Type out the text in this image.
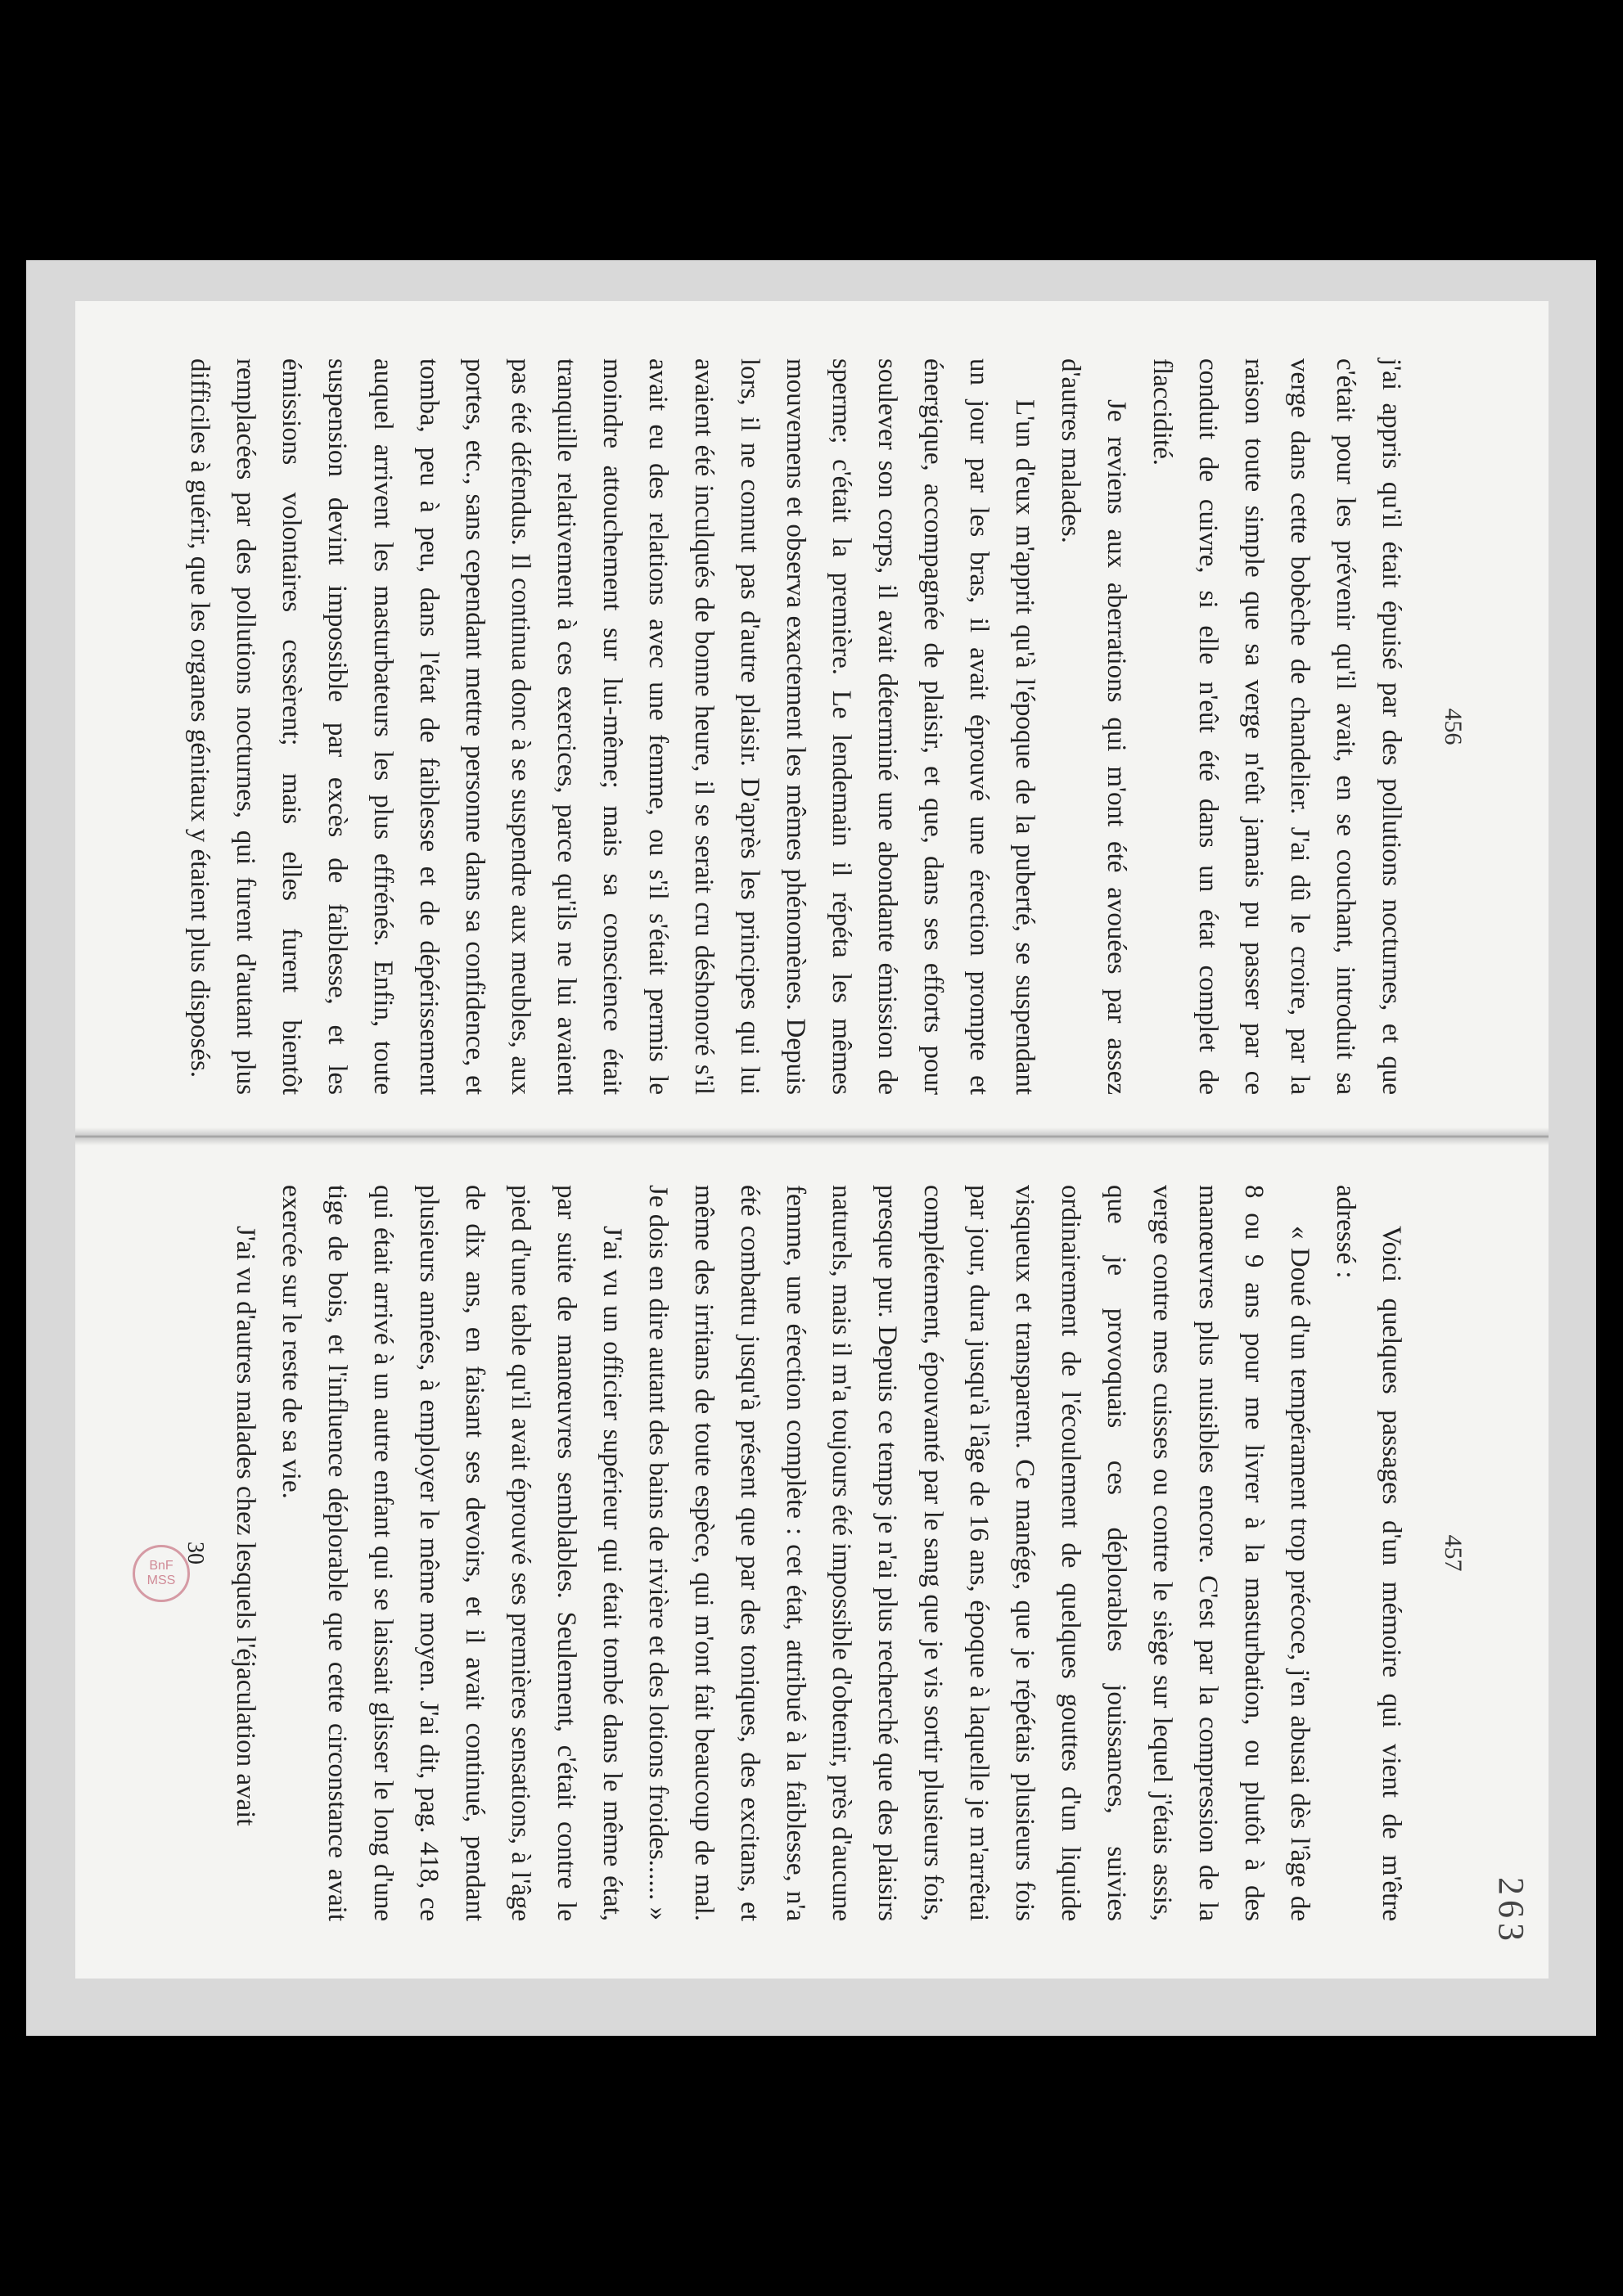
263
456

j'ai appris qu'il était épuisé par des pollutions nocturnes, et que c'était pour les prévenir qu'il avait, en se couchant, introduit sa verge dans cette bobèche de chandelier. J'ai dû le croire, par la raison toute simple que sa verge n'eût jamais pu passer par ce conduit de cuivre, si elle n'eût été dans un état complet de flaccidité.

Je reviens aux aberrations qui m'ont été avouées par assez d'autres malades.

L'un d'eux m'apprit qu'à l'époque de la puberté, se suspendant un jour par les bras, il avait éprouvé une érection prompte et énergique, accompagnée de plaisir, et que, dans ses efforts pour soulever son corps, il avait déterminé une abondante émission de sperme; c'était la première. Le lendemain il répéta les mêmes mouvemens et observa exactement les mêmes phénomènes. Depuis lors, il ne connut pas d'autre plaisir. D'après les principes qui lui avaient été inculqués de bonne heure, il se serait cru déshonoré s'il avait eu des relations avec une femme, ou s'il s'était permis le moindre attouchement sur lui-même; mais sa conscience était tranquille relativement à ces exercices, parce qu'ils ne lui avaient pas été défendus. Il continua donc à se suspendre aux meubles, aux portes, etc., sans cependant mettre personne dans sa confidence, et tomba, peu à peu, dans l'état de faiblesse et de dépérissement auquel arrivent les masturbateurs les plus effrénés. Enfin, toute suspension devint impossible par excès de faiblesse, et les émissions volontaires cessèrent; mais elles furent bientôt remplacées par des pollutions nocturnes, qui furent d'autant plus difficiles à guérir, que les organes génitaux y étaient plus disposés.

457

Voici quelques passages d'un mémoire qui vient de m'être adressé :

« Doué d'un tempérament trop précoce, j'en abusai dès l'âge de 8 ou 9 ans pour me livrer à la masturbation, ou plutôt à des manœuvres plus nuisibles encore. C'est par la compression de la verge contre mes cuisses ou contre le siège sur lequel j'étais assis, que je provoquais ces déplorables jouissances, suivies ordinairement de l'écoulement de quelques gouttes d'un liquide visqueux et transparent. Ce manége, que je répétais plusieurs fois par jour, dura jusqu'à l'âge de 16 ans, époque à laquelle je m'arrêtai complétement, épouvanté par le sang que je vis sortir plusieurs fois, presque pur. Depuis ce temps je n'ai plus recherché que des plaisirs naturels, mais il m'a toujours été impossible d'obtenir, près d'aucune femme, une érection complète : cet état, attribué à la faiblesse, n'a été combattu jusqu'à présent que par des toniques, des excitans, et même des irritans de toute espèce, qui m'ont fait beaucoup de mal. Je dois en dire autant des bains de rivière et des lotions froides...... »

J'ai vu un officier supérieur qui était tombé dans le même état, par suite de manœuvres semblables. Seulement, c'était contre le pied d'une table qu'il avait éprouvé ses premières sensations, à l'âge de dix ans, en faisant ses devoirs, et il avait continué, pendant plusieurs années, à employer le même moyen. J'ai dit, pag. 418, ce qui était arrivé à un autre enfant qui se laissait glisser le long d'une tige de bois, et l'influence déplorable que cette circonstance avait exercée sur le reste de sa vie.

J'ai vu d'autres malades chez lesquels l'éjaculation avait

30
BnF
MSS
